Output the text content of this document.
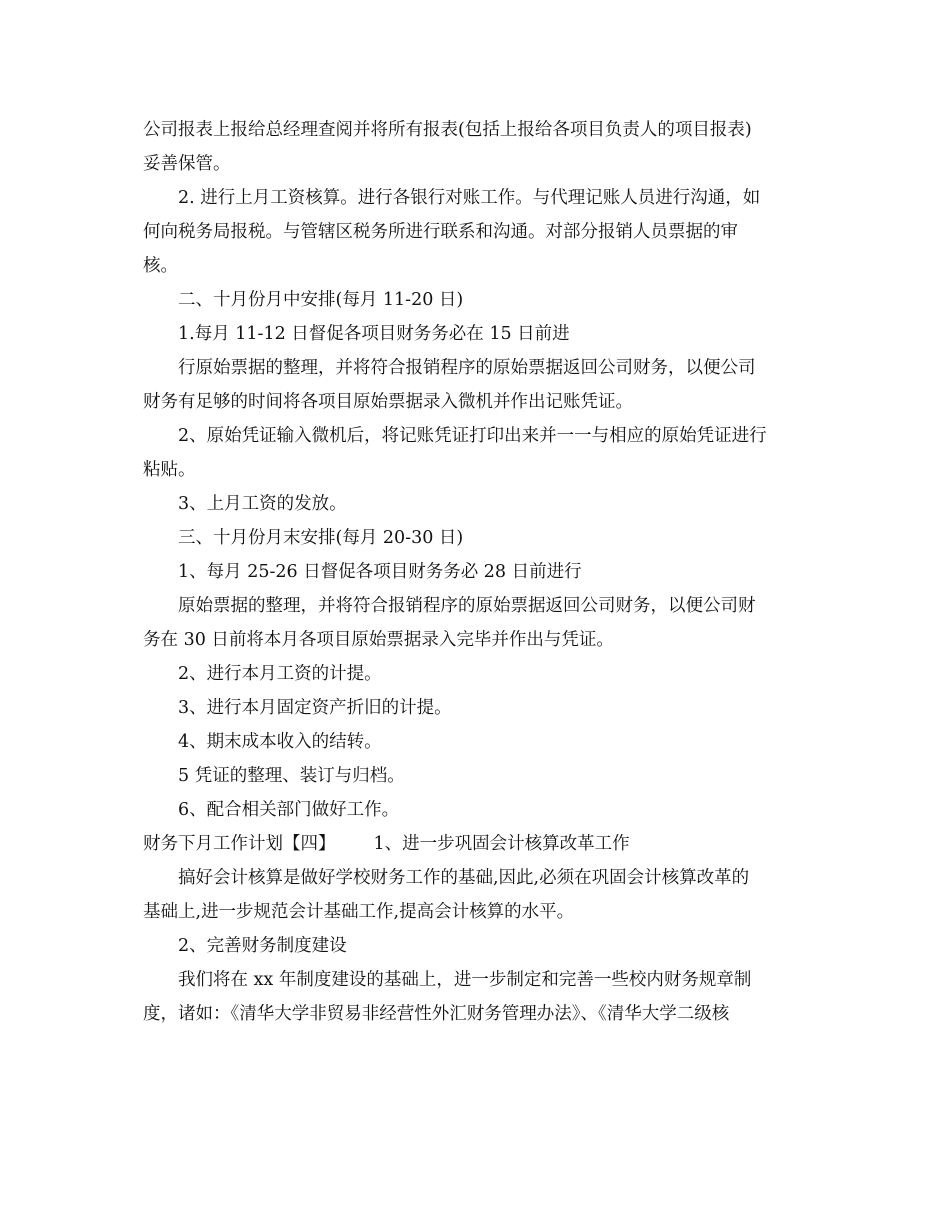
公司报表上报给总经理查阅并将所有报表(包括上报给各项目负责人的项目报表)
妥善保管。
2. 进行上月工资核算。进行各银行对账工作。与代理记账人员进行沟通，如
何向税务局报税。与管辖区税务所进行联系和沟通。对部分报销人员票据的审
核。
二、十月份月中安排(每月 11-20 日)
1.每月 11-12 日督促各项目财务务必在 15 日前进
行原始票据的整理，并将符合报销程序的原始票据返回公司财务，以便公司
财务有足够的时间将各项目原始票据录入微机并作出记账凭证。
2、原始凭证输入微机后，将记账凭证打印出来并一一与相应的原始凭证进行
粘贴。
3、上月工资的发放。
三、十月份月末安排(每月 20-30 日)
1、每月 25-26 日督促各项目财务务必 28 日前进行
原始票据的整理，并将符合报销程序的原始票据返回公司财务，以便公司财
务在 30 日前将本月各项目原始票据录入完毕并作出与凭证。
2、进行本月工资的计提。
3、进行本月固定资产折旧的计提。
4、期末成本收入的结转。
5 凭证的整理、装订与归档。
6、配合相关部门做好工作。
财务下月工作计划【四】 1、进一步巩固会计核算改革工作
搞好会计核算是做好学校财务工作的基础,因此,必须在巩固会计核算改革的
基础上,进一步规范会计基础工作,提高会计核算的水平。
2、完善财务制度建设
我们将在 xx 年制度建设的基础上，进一步制定和完善一些校内财务规章制
度，诸如：《清华大学非贸易非经营性外汇财务管理办法》、《清华大学二级核
